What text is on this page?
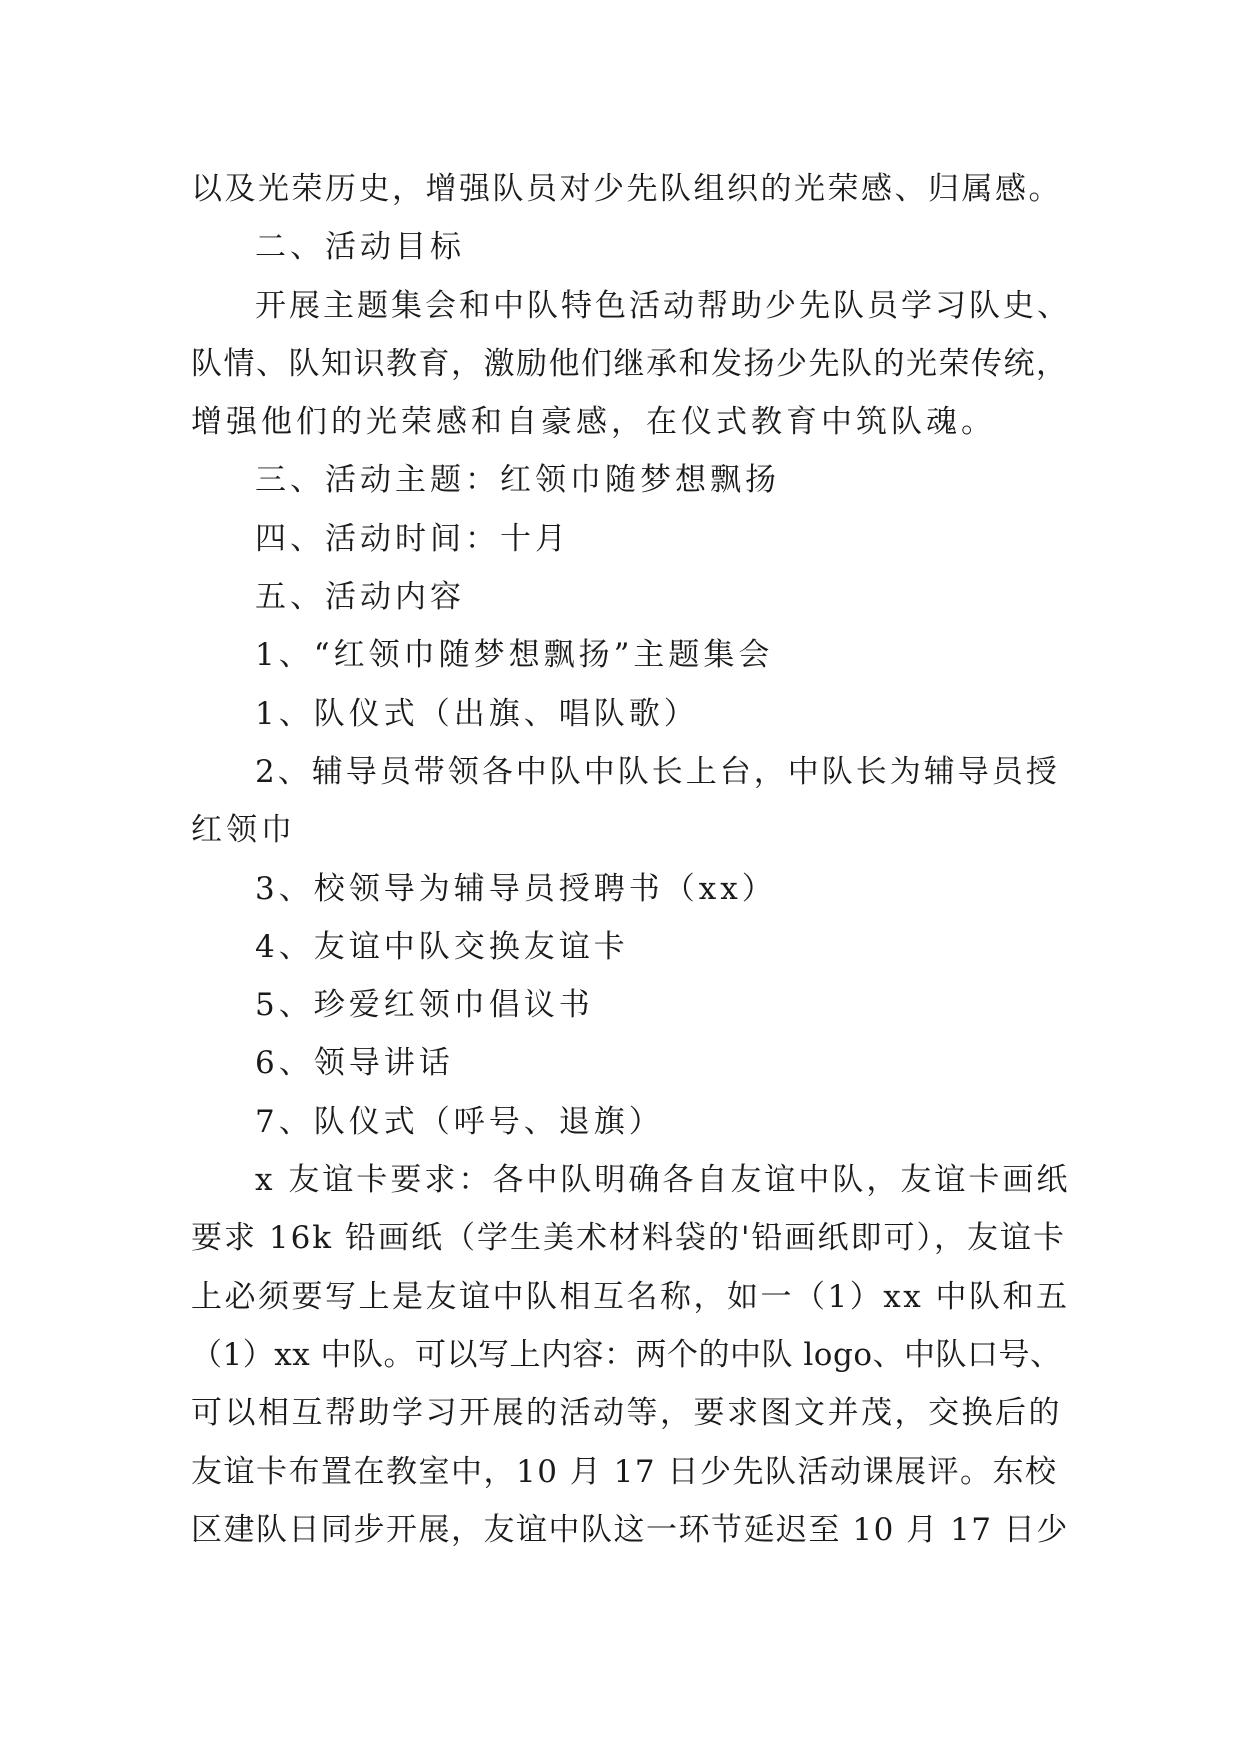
以及光荣历史，增强队员对少先队组织的光荣感、归属感。
二、活动目标
开展主题集会和中队特色活动帮助少先队员学习队史、
队情、队知识教育，激励他们继承和发扬少先队的光荣传统，
增强他们的光荣感和自豪感，在仪式教育中筑队魂。
三、活动主题：红领巾随梦想飘扬
四、活动时间：十月
五、活动内容
1、“红领巾随梦想飘扬”主题集会
1、队仪式（出旗、唱队歌）
2、辅导员带领各中队中队长上台，中队长为辅导员授
红领巾
3、校领导为辅导员授聘书（xx）
4、友谊中队交换友谊卡
5、珍爱红领巾倡议书
6、领导讲话
7、队仪式（呼号、退旗）
x 友谊卡要求：各中队明确各自友谊中队，友谊卡画纸
要求 16k 铅画纸（学生美术材料袋的'铅画纸即可），友谊卡
上必须要写上是友谊中队相互名称，如一（1）xx 中队和五
（1）xx 中队。可以写上内容：两个的中队 logo、中队口号、
可以相互帮助学习开展的活动等，要求图文并茂，交换后的
友谊卡布置在教室中，10 月 17 日少先队活动课展评。东校
区建队日同步开展，友谊中队这一环节延迟至 10 月 17 日少
